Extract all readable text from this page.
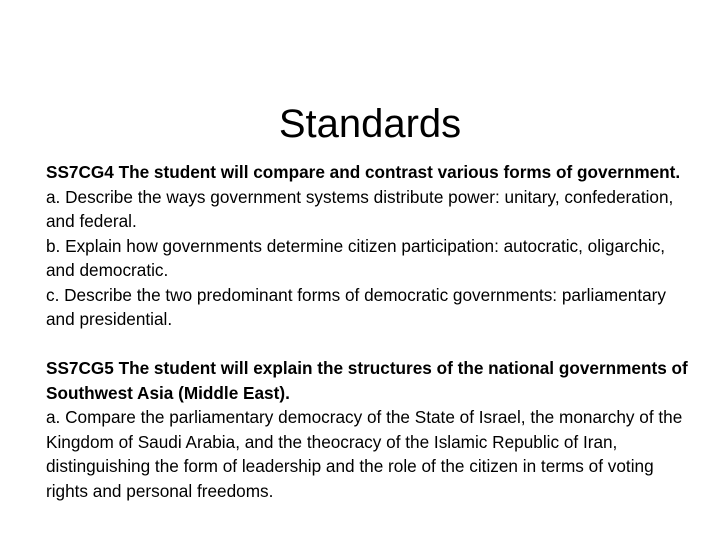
Standards

SS7CG4 The student will compare and contrast various forms of government.

a. Describe the ways government systems distribute power: unitary, confederation, and federal.

b. Explain how governments determine citizen participation: autocratic, oligarchic, and democratic.

c. Describe the two predominant forms of democratic governments: parliamentary and presidential.

SS7CG5 The student will explain the structures of the national governments of Southwest Asia (Middle East).

a. Compare the parliamentary democracy of the State of Israel, the monarchy of the Kingdom of Saudi Arabia, and the theocracy of the Islamic Republic of Iran, distinguishing the form of leadership and the role of the citizen in terms of voting rights and personal freedoms.
